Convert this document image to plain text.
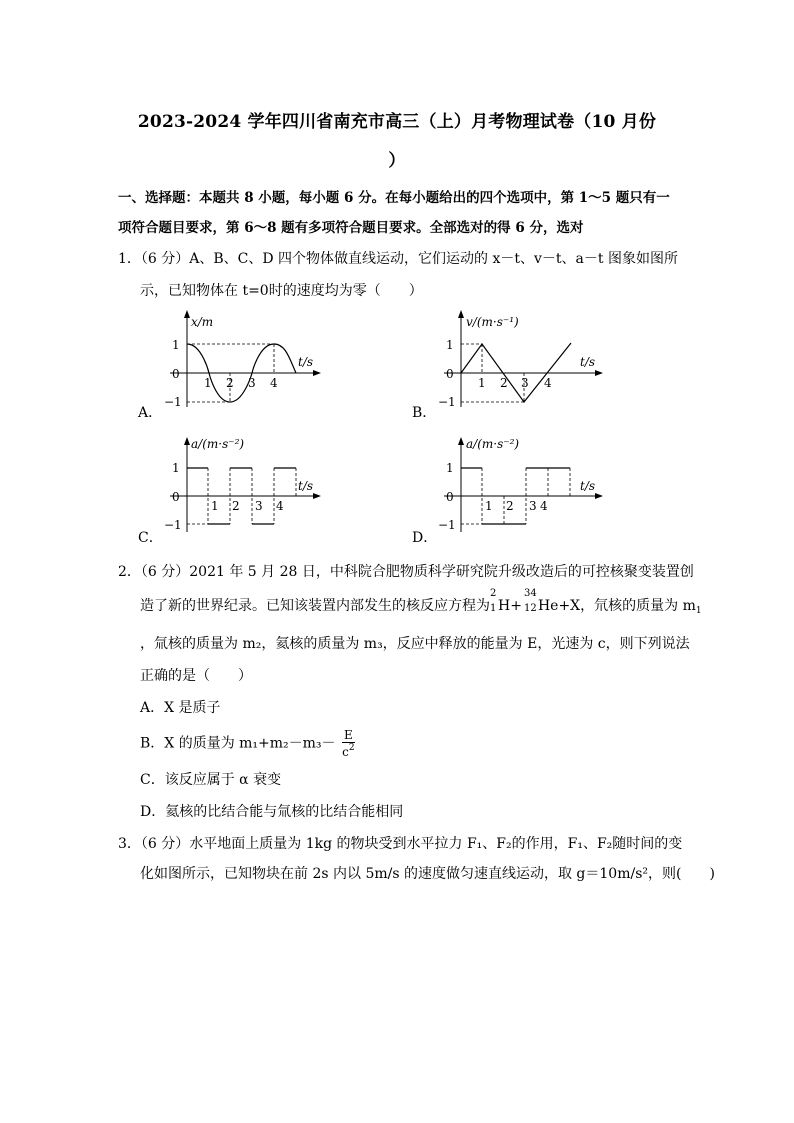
2023-2024 学年四川省南充市高三（上）月考物理试卷（10 月份
）
一、选择题：本题共 8 小题，每小题 6 分。在每小题给出的四个选项中，第 1～5 题只有一
项符合题目要求，第 6～8 题有多项符合题目要求。全部选对的得 6 分，选对
1．（6 分）A、B、C、D 四个物体做直线运动，它们运动的 x－t、v－t、a－t 图象如图所
示，已知物体在 t=0时的速度均为零（　　）
A．
x/m
t/s
1
0
−1
1 2 3 4
B．
v/(m·s⁻¹)
t/s
1
0
−1
1 2 3 4
C．
a/(m·s⁻²)
t/s
1
0
−1
1 2 3 4
D．
a/(m·s⁻²)
t/s
1
0
−1
1 2 3 4
2．（6 分）2021 年 5 月 28 日，中科院合肥物质科学研究院升级改造后的可控核聚变装置创
造了新的世界纪录。已知该装置内部发生的核反应方程为
2
1 H+
34
12 He+X，氘核的质量为 $m_1$
，氚核的质量为 m₂，氦核的质量为 m₃，反应中释放的能量为 E，光速为 c，则下列说法
正确的是（　　）
A．X 是质子
B．X 的质量为 $m_1+m_2-m_3- \frac{E}{c^2}$
C．该反应属于 α 衰变
D．氦核的比结合能与氚核的比结合能相同
3．（6 分）水平地面上质量为 1kg 的物块受到水平拉力 F₁、F₂的作用，F₁、F₂随时间的变
化如图所示，已知物块在前 2s 内以 5m/s 的速度做匀速直线运动，取 g＝10m/s²，则(　　)
